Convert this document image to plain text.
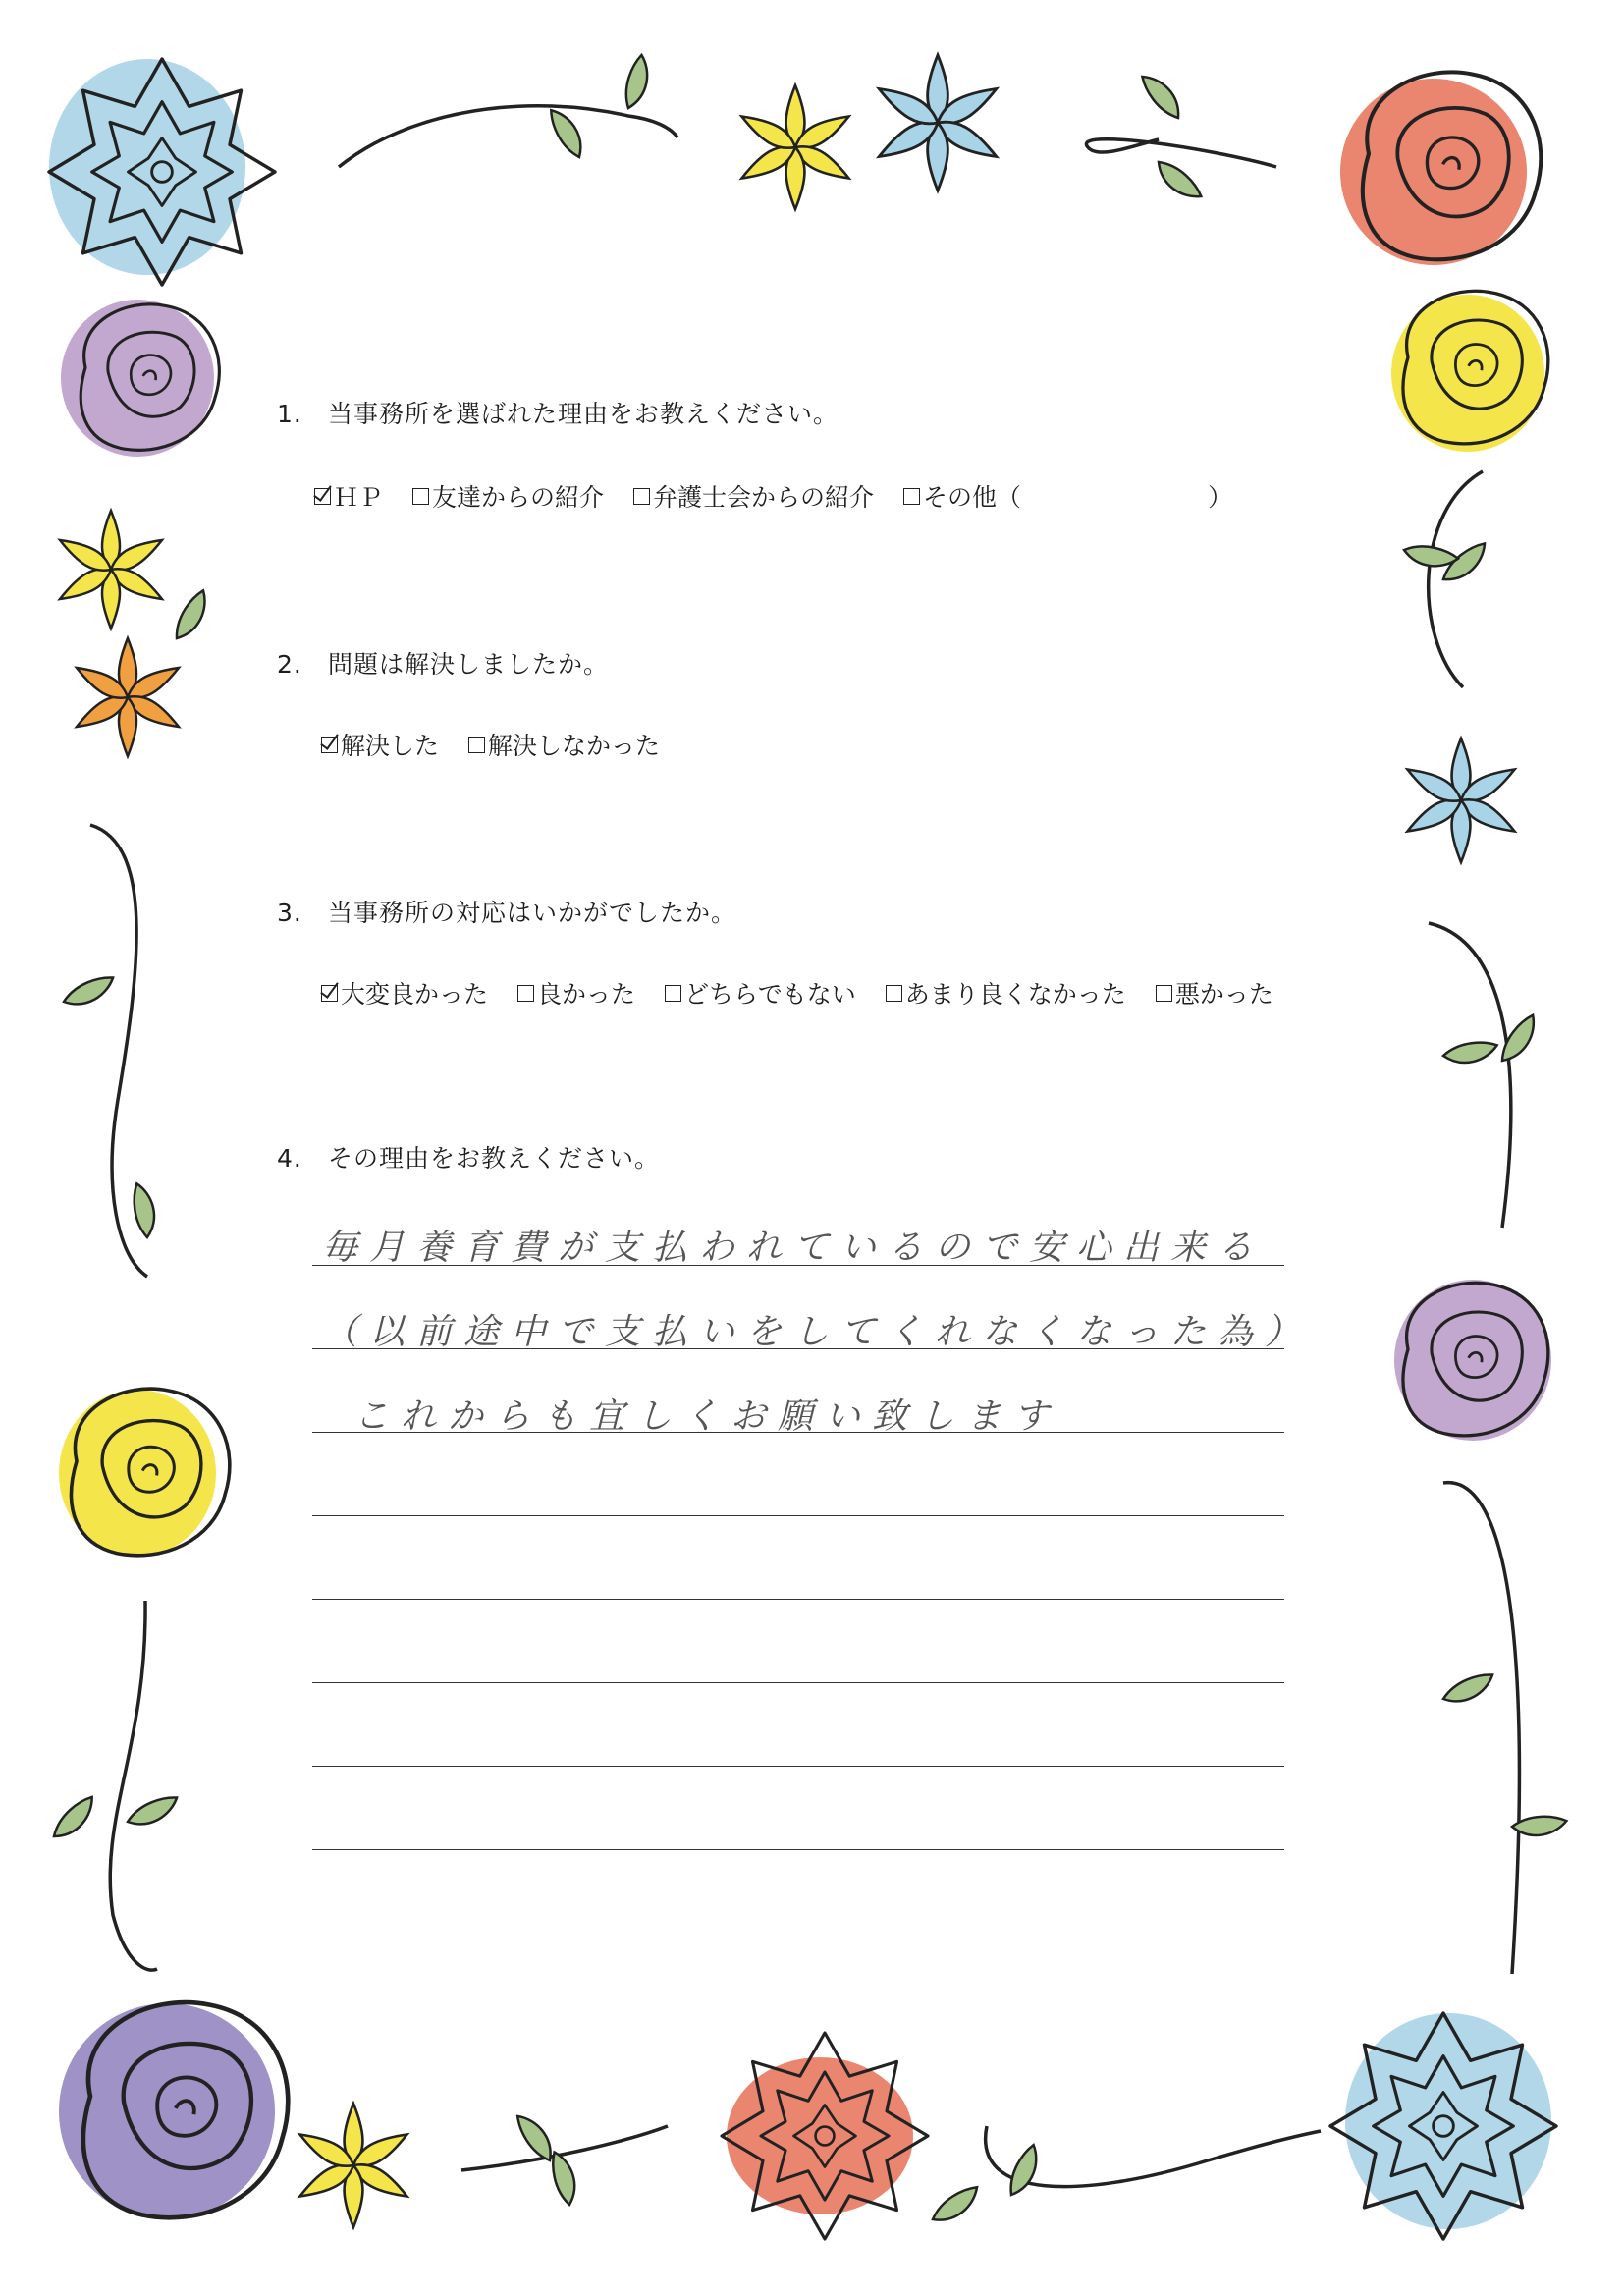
1. 当事務所を選ばれた理由をお教えください。
ＨＰ 友達からの紹介 弁護士会からの紹介 その他（	）
2. 問題は解決しましたか。
解決した 解決しなかった
3. 当事務所の対応はいかがでしたか。
大変良かった 良かった どちらでもない あまり良くなかった 悪かった
4. その理由をお教えください。
毎月養育費が支払われているので安心出来る
（以前途中で支払いをしてくれなくなった為）
これからも宜しくお願い致します
